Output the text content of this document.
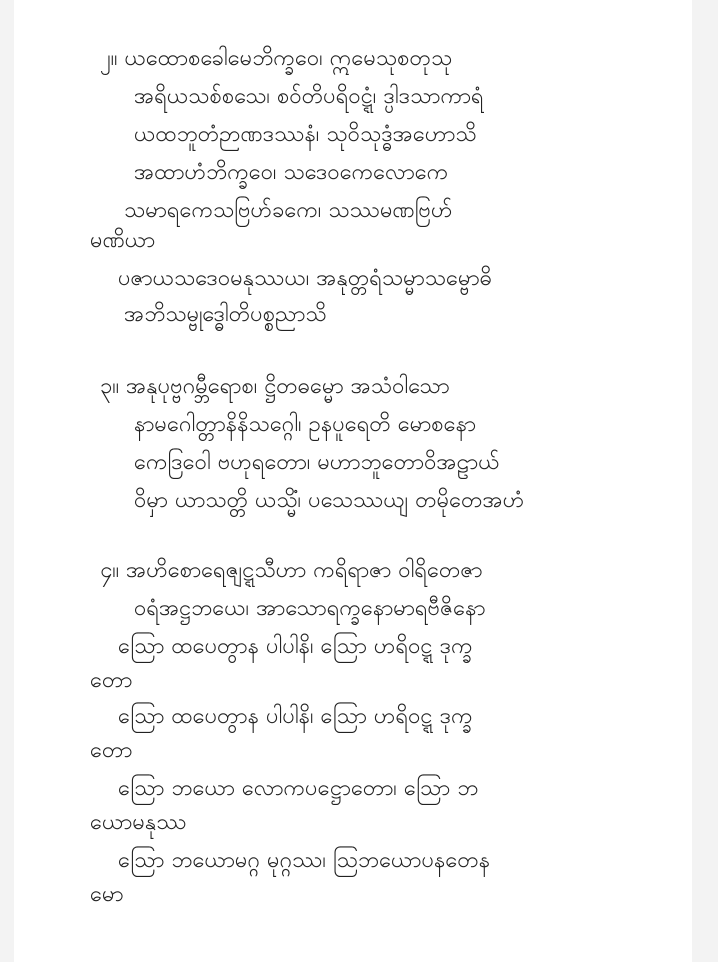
၂။ ယထောစခေါမေဘိက္ခဝေ၊ ဣမေသုစတုသု
အရိယသစ်စသေ၊ စဝ်တိပရိဝဋ္ဋံ၊ ဒ္ပါဒသာကာရံ
ယထဘူတံဉာဏဒဿနံ၊ သုဝိသုဒ္ဓံအဟောသိ
အထာဟံဘိက္ခဝေ၊ သဒေဝကေလောကေ
သမာရကေသဗြဟ်ခကေ၊ သဿမဏဗြဟ်
မဏိယာ
ပဇာယသဒေဝမနုဿယ၊ အနုတ္တရံသမ္မာသမ္ဗောဓိ
အဘိသမ္ဗုဒ္ဓေါတိပစ္စညာသိ
၃။ အနုပုဗ္ဗဂမ္ဘီရောစ၊ ဋ္ဌိတဓမ္မော အသံဝါသော
နာမဂေါတ္တာနိနိသဂ္ဂေါ၊ ဥနပူရေတိ မောစနော
ကေဒြဝေါ ဗဟုရတော၊ မဟာဘူတောဝိအဠာယ်
ဝိမှာ ယာသတ္တိ ယသ္မိံ၊ ပသေဿယျ တမိုတေအဟံ
၄။ အဟိစောရေဇျဋ္ဋသီဟာ ကရိရာဇာ ဝါရိတေဇာ
ဝရံအဋ္ဌဘယေ၊ အာသောရက္ခနောမာရဗီဇိနော
သြော ထပေတွာန ပါပါနိ၊ သြော ဟရိဝဋ္ဋ ဒုက္ခ
တော
သြော ထပေတွာန ပါပါနိ၊ သြော ဟရိဝဋ္ဋ ဒုက္ခ
တော
သြော ဘယော လောကပဋ္ဌောတော၊ သြော ဘ
ယောမနုဿ
သြော ဘယောမဂ္ဂ မုဂ္ဂဿ၊ သြဘယောပနတေန
မော
